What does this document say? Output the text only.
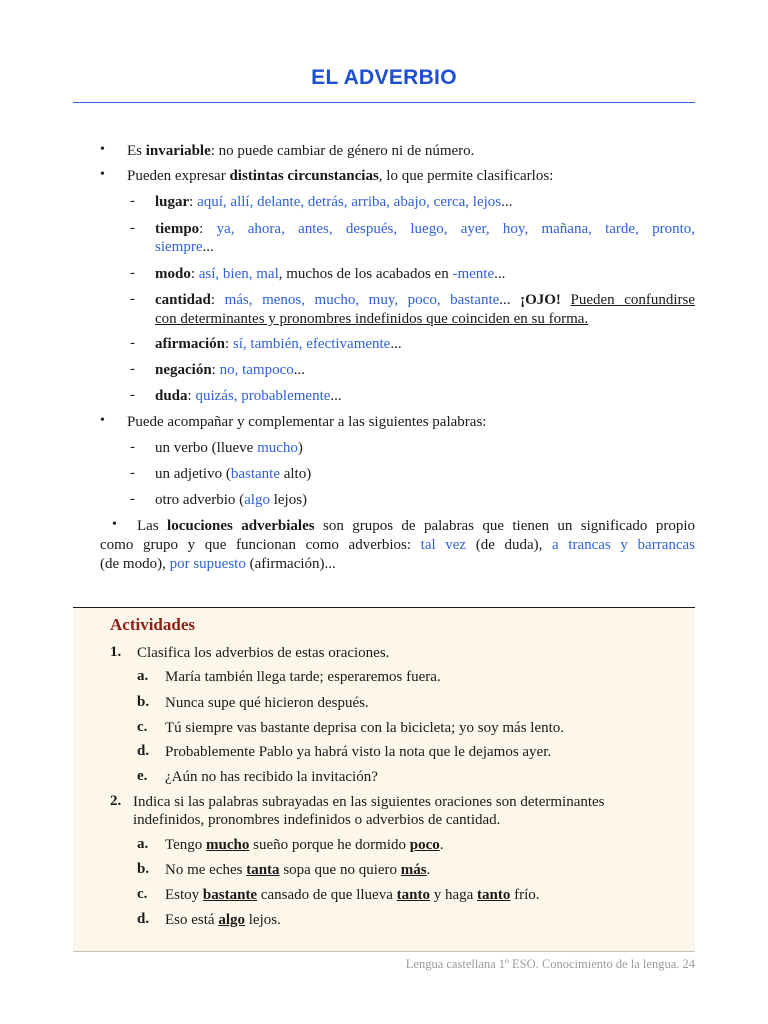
EL ADVERBIO
• Es invariable: no puede cambiar de género ni de número.
• Pueden expresar distintas circunstancias, lo que permite clasificarlos:
- lugar: aquí, allí, delante, detrás, arriba, abajo, cerca, lejos...
- tiempo: ya, ahora, antes, después, luego, ayer, hoy, mañana, tarde, pronto,
siempre...
- modo: así, bien, mal, muchos de los acabados en -mente...
- cantidad: más, menos, mucho, muy, poco, bastante... ¡OJO! Pueden confundirse
con determinantes y pronombres indefinidos que coinciden en su forma.
- afirmación: sí, también, efectivamente...
- negación: no, tampoco...
- duda: quizás, probablemente...
• Puede acompañar y complementar a las siguientes palabras:
- un verbo (llueve mucho)
- un adjetivo (bastante alto)
- otro adverbio (algo lejos)
• Las locuciones adverbiales son grupos de palabras que tienen un significado propio
como grupo y que funcionan como adverbios: tal vez (de duda), a trancas y barrancas
(de modo), por supuesto (afirmación)...
Actividades
1. Clasifica los adverbios de estas oraciones.
a. María también llega tarde; esperaremos fuera.
b. Nunca supe qué hicieron después.
c. Tú siempre vas bastante deprisa con la bicicleta; yo soy más lento.
d. Probablemente Pablo ya habrá visto la nota que le dejamos ayer.
e. ¿Aún no has recibido la invitación?
2. Indica si las palabras subrayadas en las siguientes oraciones son determinantes
indefinidos, pronombres indefinidos o adverbios de cantidad.
a. Tengo mucho sueño porque he dormido poco.
b. No me eches tanta sopa que no quiero más.
c. Estoy bastante cansado de que llueva tanto y haga tanto frío.
d. Eso está algo lejos.
Lengua castellana 1º ESO. Conocimiento de la lengua. 24
